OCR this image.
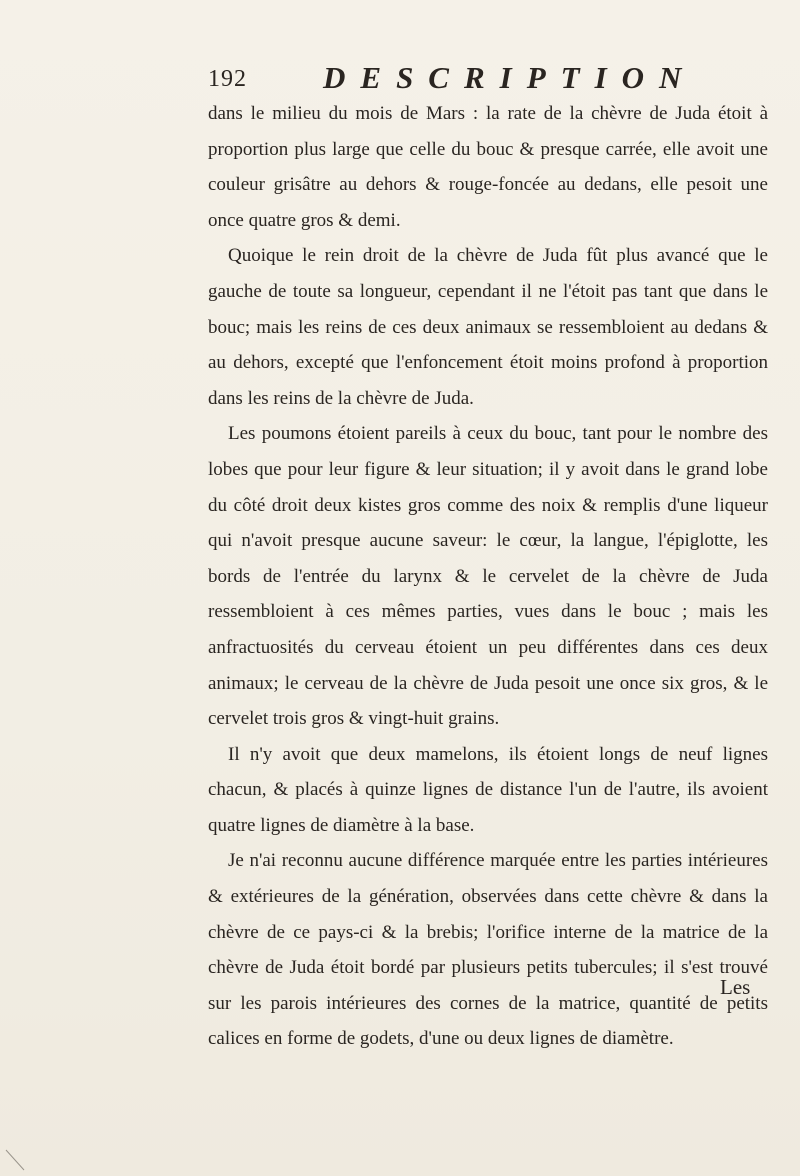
192 DESCRIPTION

dans le milieu du mois de Mars : la rate de la chèvre de Juda étoit à proportion plus large que celle du bouc & presque carrée, elle avoit une couleur grisâtre au dehors & rouge-foncée au dedans, elle pesoit une once quatre gros & demi.

Quoique le rein droit de la chèvre de Juda fût plus avancé que le gauche de toute sa longueur, cependant il ne l'étoit pas tant que dans le bouc; mais les reins de ces deux animaux se ressembloient au dedans & au dehors, excepté que l'enfoncement étoit moins profond à proportion dans les reins de la chèvre de Juda.

Les poumons étoient pareils à ceux du bouc, tant pour le nombre des lobes que pour leur figure & leur situation; il y avoit dans le grand lobe du côté droit deux kistes gros comme des noix & remplis d'une liqueur qui n'avoit presque aucune saveur: le cœur, la langue, l'épiglotte, les bords de l'entrée du larynx & le cervelet de la chèvre de Juda ressembloient à ces mêmes parties, vues dans le bouc ; mais les anfractuosités du cerveau étoient un peu différentes dans ces deux animaux; le cerveau de la chèvre de Juda pesoit une once six gros, & le cervelet trois gros & vingt-huit grains.

Il n'y avoit que deux mamelons, ils étoient longs de neuf lignes chacun, & placés à quinze lignes de distance l'un de l'autre, ils avoient quatre lignes de diamètre à la base.

Je n'ai reconnu aucune différence marquée entre les parties intérieures & extérieures de la génération, observées dans cette chèvre & dans la chèvre de ce pays-ci & la brebis; l'orifice interne de la matrice de la chèvre de Juda étoit bordé par plusieurs petits tubercules; il s'est trouvé sur les parois intérieures des cornes de la matrice, quantité de petits calices en forme de godets, d'une ou deux lignes de diamètre.

Les
